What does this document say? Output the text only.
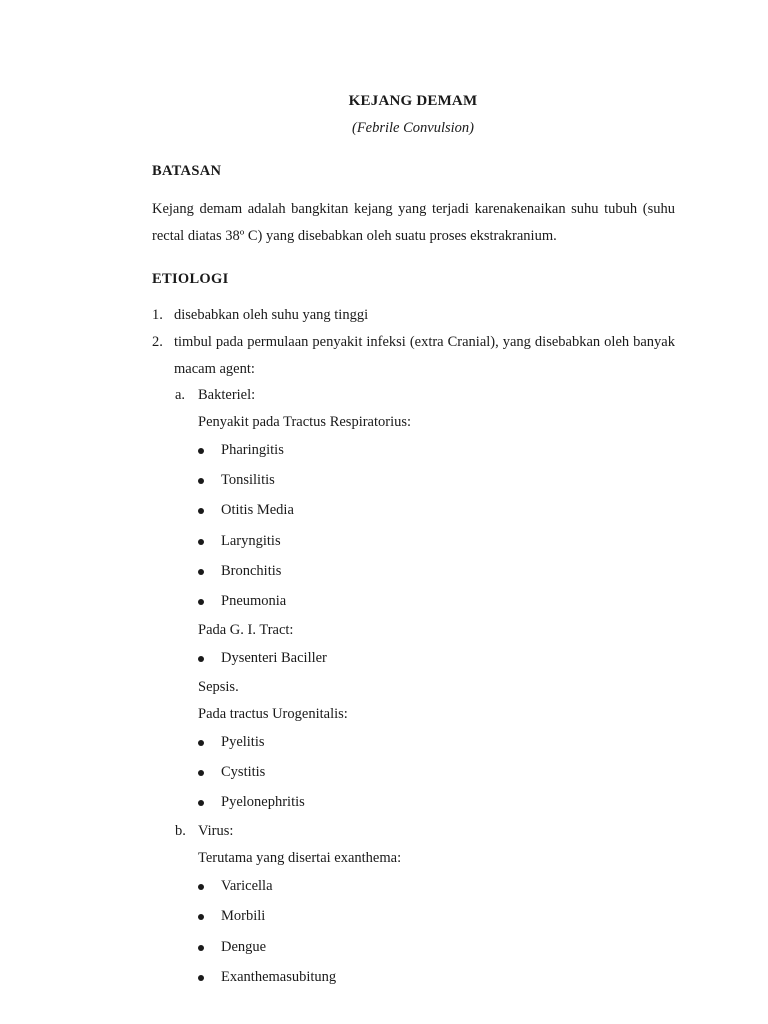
KEJANG DEMAM
(Febrile Convulsion)
BATASAN
Kejang demam adalah bangkitan kejang yang terjadi karenakenaikan suhu tubuh (suhu rectal diatas 38º C) yang disebabkan oleh suatu proses ekstrakranium.
ETIOLOGI
1. disebabkan oleh suhu yang tinggi
2. timbul pada permulaan penyakit infeksi (extra Cranial), yang disebabkan oleh banyak macam agent:
a. Bakteriel:
Penyakit pada Tractus Respiratorius:
Pharingitis
Tonsilitis
Otitis Media
Laryngitis
Bronchitis
Pneumonia
Pada G. I. Tract:
Dysenteri Baciller
Sepsis.
Pada tractus Urogenitalis:
Pyelitis
Cystitis
Pyelonephritis
b. Virus:
Terutama yang disertai exanthema:
Varicella
Morbili
Dengue
Exanthemasubitung
